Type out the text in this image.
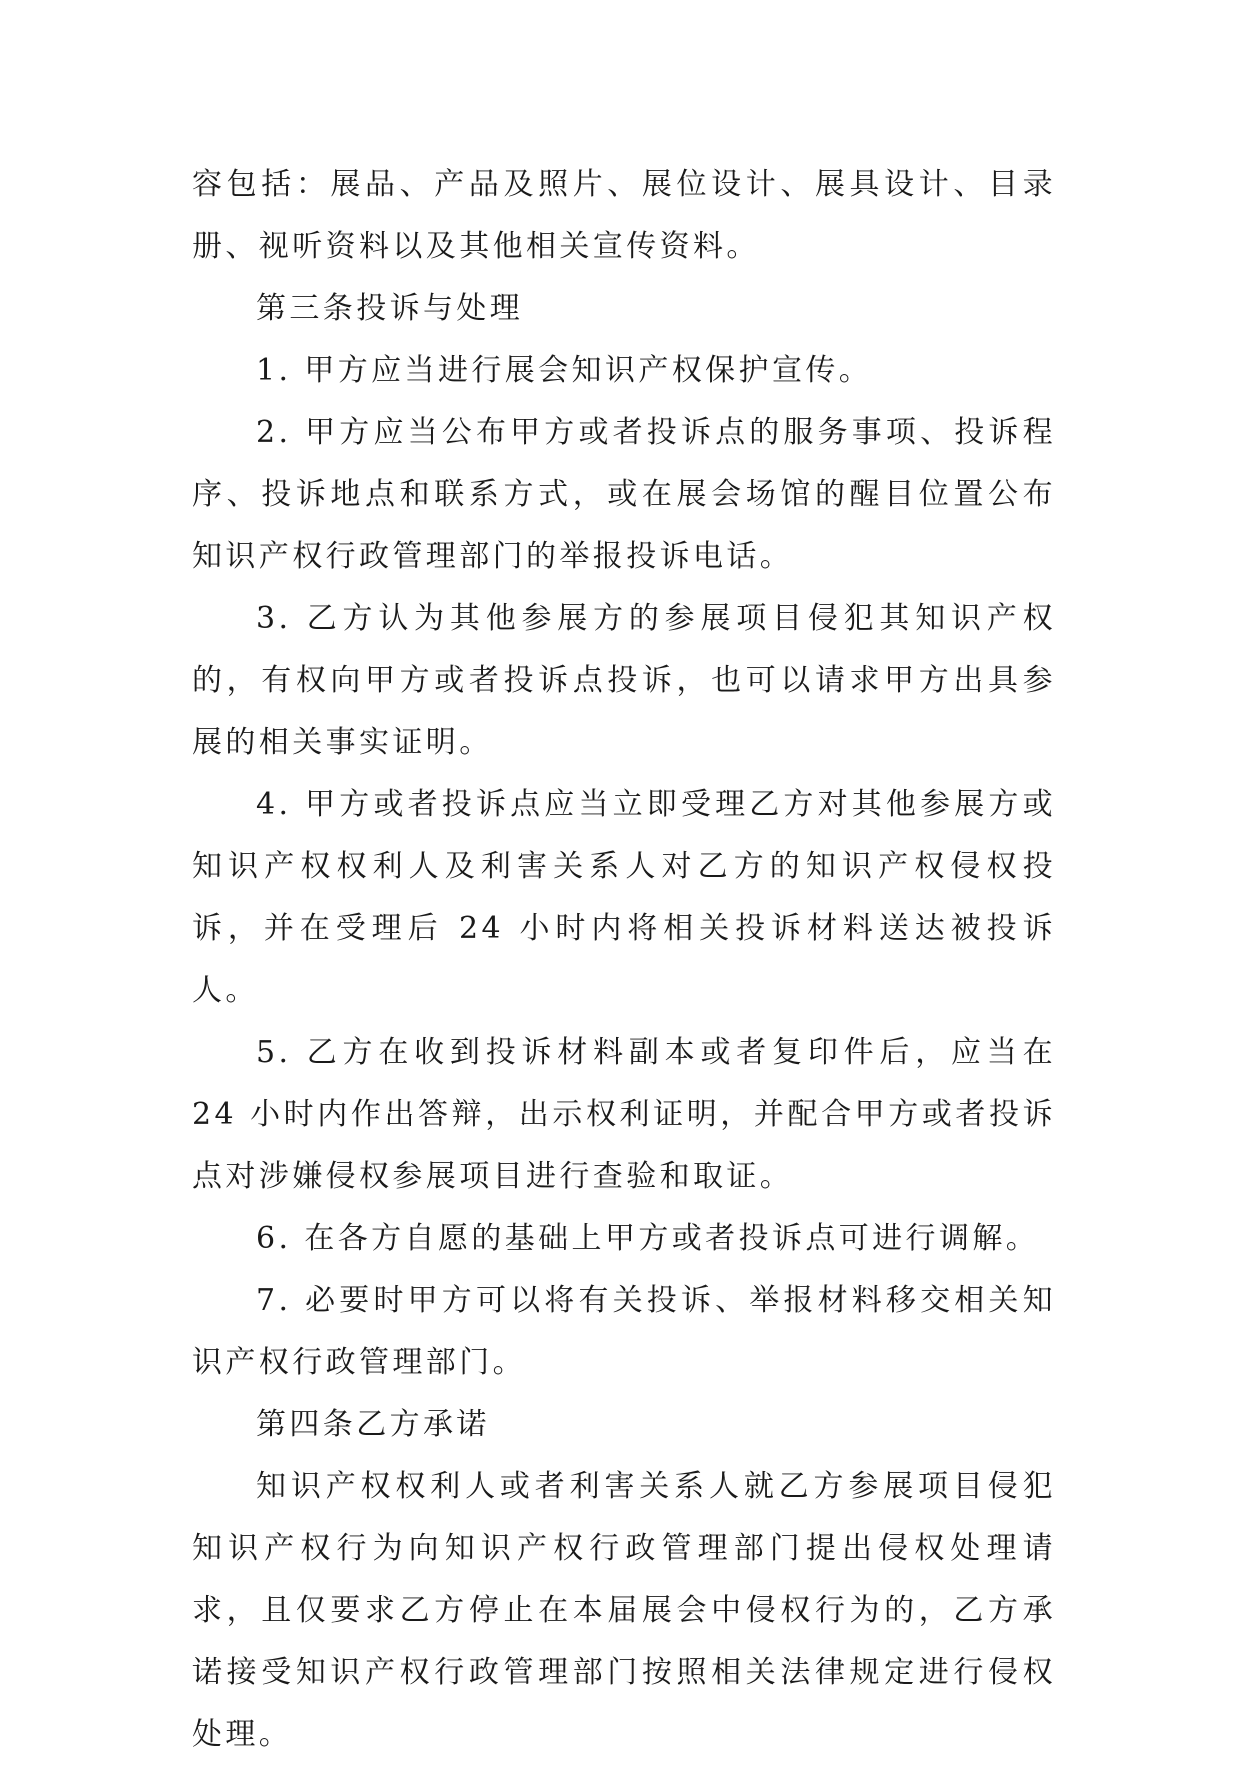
容包括：展品、产品及照片、展位设计、展具设计、目录册、视听资料以及其他相关宣传资料。

第三条投诉与处理

1. 甲方应当进行展会知识产权保护宣传。

2. 甲方应当公布甲方或者投诉点的服务事项、投诉程序、投诉地点和联系方式，或在展会场馆的醒目位置公布知识产权行政管理部门的举报投诉电话。

3. 乙方认为其他参展方的参展项目侵犯其知识产权的，有权向甲方或者投诉点投诉，也可以请求甲方出具参展的相关事实证明。

4. 甲方或者投诉点应当立即受理乙方对其他参展方或知识产权权利人及利害关系人对乙方的知识产权侵权投诉，并在受理后 24 小时内将相关投诉材料送达被投诉人。

5. 乙方在收到投诉材料副本或者复印件后，应当在 24 小时内作出答辩，出示权利证明，并配合甲方或者投诉点对涉嫌侵权参展项目进行查验和取证。

6. 在各方自愿的基础上甲方或者投诉点可进行调解。

7. 必要时甲方可以将有关投诉、举报材料移交相关知识产权行政管理部门。

第四条乙方承诺

知识产权权利人或者利害关系人就乙方参展项目侵犯知识产权行为向知识产权行政管理部门提出侵权处理请求，且仅要求乙方停止在本届展会中侵权行为的，乙方承诺接受知识产权行政管理部门按照相关法律规定进行侵权处理。
